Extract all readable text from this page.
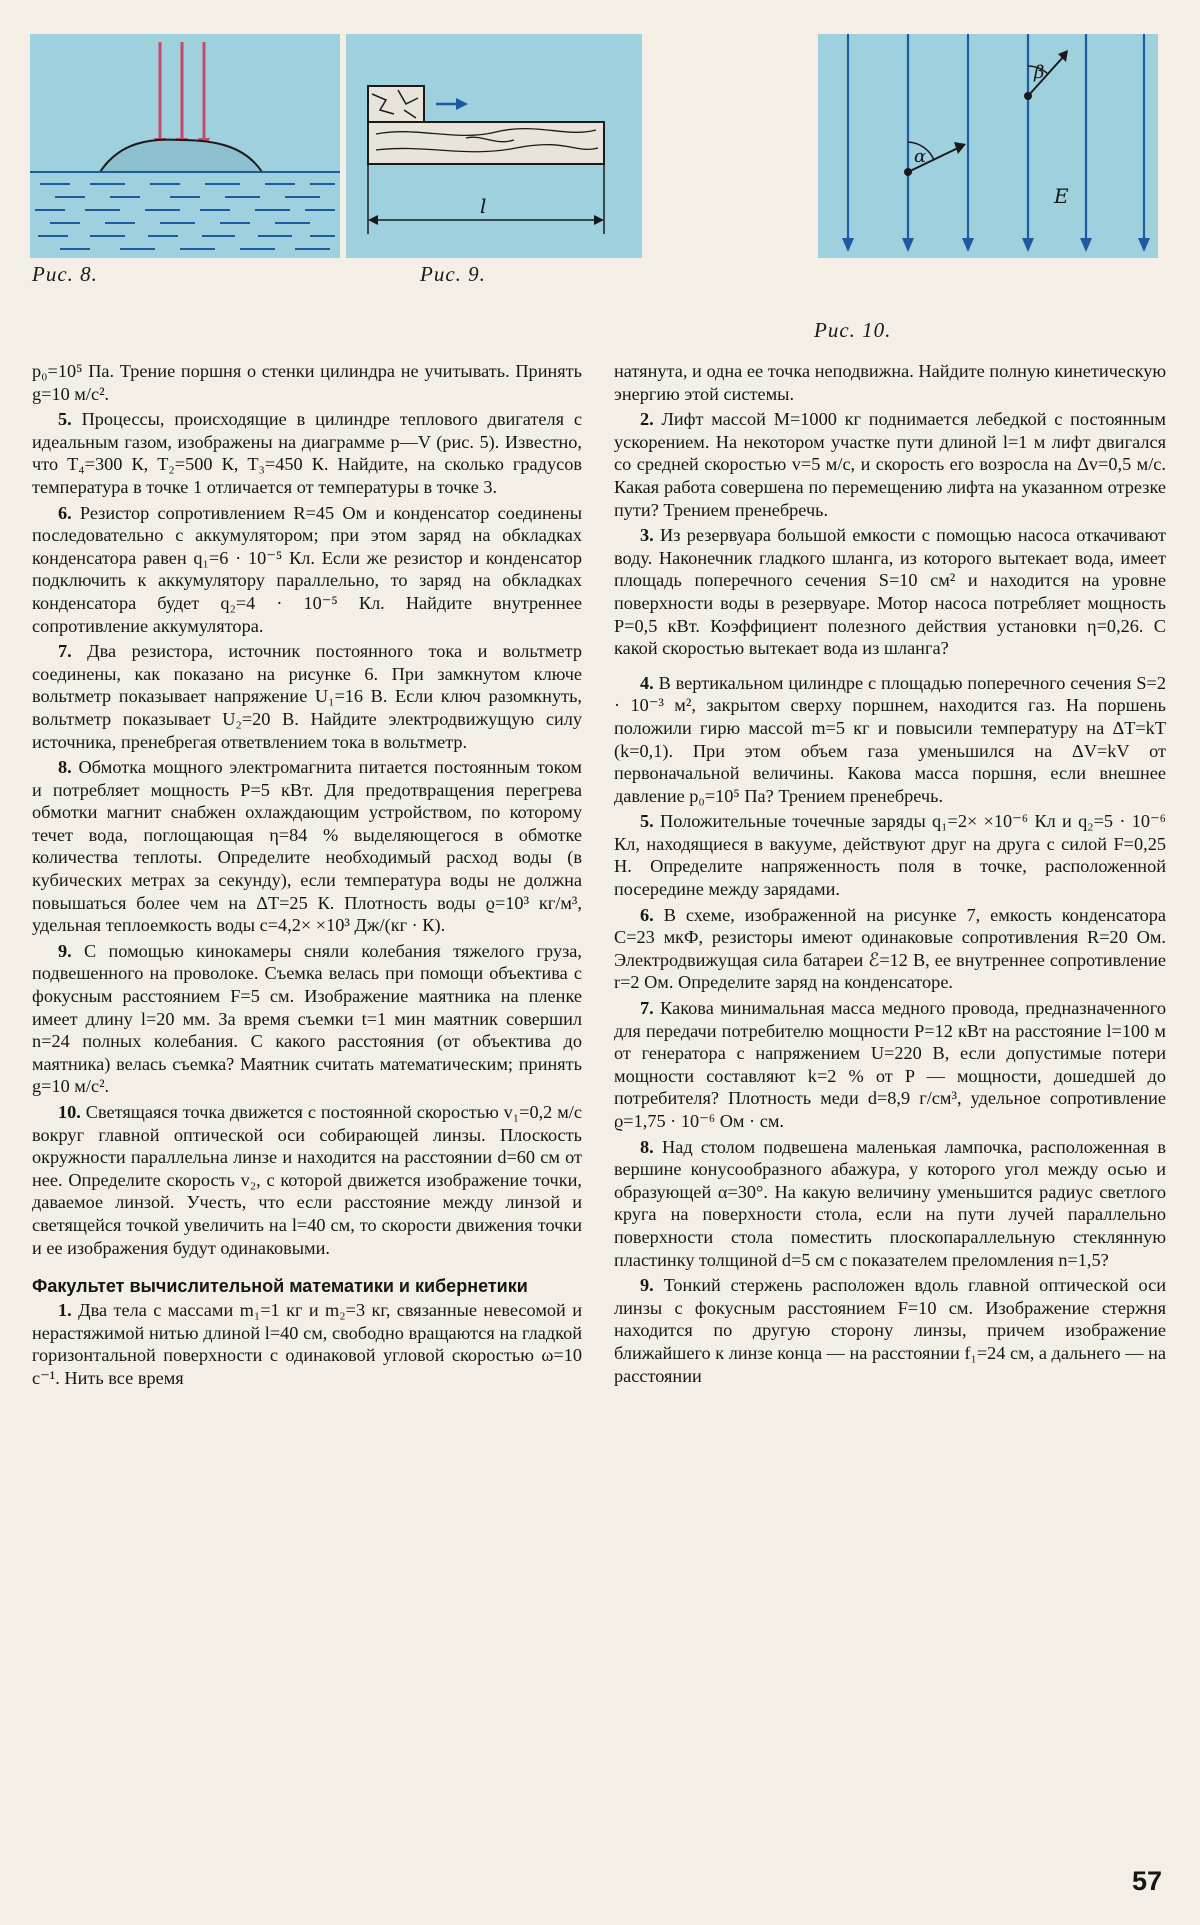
Рис. 8.
l
Рис. 9.
α
β
E
Рис. 10.

p₀=10⁵ Па. Трение поршня о стенки цилиндра не учитывать. Принять g=10 м/с².

5. Процессы, происходящие в цилиндре теплового двигателя с идеальным газом, изображены на диаграмме p—V (рис. 5). Известно, что T₄=300 К, T₂=500 К, T₃=450 К. Найдите, на сколько градусов температура в точке 1 отличается от температуры в точке 3.

6. Резистор сопротивлением R=45 Ом и конденсатор соединены последовательно с аккумулятором; при этом заряд на обкладках конденсатора равен q₁=6 · 10⁻⁵ Кл. Если же резистор и конденсатор подключить к аккумулятору параллельно, то заряд на обкладках конденсатора будет q₂=4 · 10⁻⁵ Кл. Найдите внутреннее сопротивление аккумулятора.

7. Два резистора, источник постоянного тока и вольтметр соединены, как показано на рисунке 6. При замкнутом ключе вольтметр показывает напряжение U₁=16 В. Если ключ разомкнуть, вольтметр показывает U₂=20 В. Найдите электродвижущую силу источника, пренебрегая ответвлением тока в вольтметр.

8. Обмотка мощного электромагнита питается постоянным током и потребляет мощность P=5 кВт. Для предотвращения перегрева обмотки магнит снабжен охлаждающим устройством, по которому течет вода, поглощающая η=84 % выделяющегося в обмотке количества теплоты. Определите необходимый расход воды (в кубических метрах за секунду), если температура воды не должна повышаться более чем на ΔT=25 К. Плотность воды ϱ=10³ кг/м³, удельная теплоемкость воды c=4,2× ×10³ Дж/(кг · К).

9. С помощью кинокамеры сняли колебания тяжелого груза, подвешенного на проволоке. Съемка велась при помощи объектива с фокусным расстоянием F=5 см. Изображение маятника на пленке имеет длину l=20 мм. За время съемки t=1 мин маятник совершил n=24 полных колебания. С какого расстояния (от объектива до маятника) велась съемка? Маятник считать математическим; принять g=10 м/с².

10. Светящаяся точка движется с постоянной скоростью v₁=0,2 м/с вокруг главной оптической оси собирающей линзы. Плоскость окружности параллельна линзе и находится на расстоянии d=60 см от нее. Определите скорость v₂, с которой движется изображение точки, даваемое линзой. Учесть, что если расстояние между линзой и светящейся точкой увеличить на l=40 см, то скорости движения точки и ее изображения будут одинаковыми.

Факультет вычислительной математики и кибернетики

1. Два тела с массами m₁=1 кг и m₂=3 кг, связанные невесомой и нерастяжимой нитью длиной l=40 см, свободно вращаются на гладкой горизонтальной поверхности с одинаковой угловой скоростью ω=10 с⁻¹. Нить все время

натянута, и одна ее точка неподвижна. Найдите полную кинетическую энергию этой системы.

2. Лифт массой M=1000 кг поднимается лебедкой с постоянным ускорением. На некотором участке пути длиной l=1 м лифт двигался со средней скоростью v=5 м/с, и скорость его возросла на Δv=0,5 м/с. Какая работа совершена по перемещению лифта на указанном отрезке пути? Трением пренебречь.

3. Из резервуара большой емкости с помощью насоса откачивают воду. Наконечник гладкого шланга, из которого вытекает вода, имеет площадь поперечного сечения S=10 см² и находится на уровне поверхности воды в резервуаре. Мотор насоса потребляет мощность P=0,5 кВт. Коэффициент полезного действия установки η=0,26. С какой скоростью вытекает вода из шланга?

4. В вертикальном цилиндре с площадью поперечного сечения S=2 · 10⁻³ м², закрытом сверху поршнем, находится газ. На поршень положили гирю массой m=5 кг и повысили температуру на ΔT=kT (k=0,1). При этом объем газа уменьшился на ΔV=kV от первоначальной величины. Какова масса поршня, если внешнее давление p₀=10⁵ Па? Трением пренебречь.

5. Положительные точечные заряды q₁=2× ×10⁻⁶ Кл и q₂=5 · 10⁻⁶ Кл, находящиеся в вакууме, действуют друг на друга с силой F=0,25 Н. Определите напряженность поля в точке, расположенной посередине между зарядами.

6. В схеме, изображенной на рисунке 7, емкость конденсатора C=23 мкФ, резисторы имеют одинаковые сопротивления R=20 Ом. Электродвижущая сила батареи ℰ=12 В, ее внутреннее сопротивление r=2 Ом. Определите заряд на конденсаторе.

7. Какова минимальная масса медного провода, предназначенного для передачи потребителю мощности P=12 кВт на расстояние l=100 м от генератора с напряжением U=220 В, если допустимые потери мощности составляют k=2 % от P — мощности, дошедшей до потребителя? Плотность меди d=8,9 г/см³, удельное сопротивление ϱ=1,75 · 10⁻⁶ Ом · см.

8. Над столом подвешена маленькая лампочка, расположенная в вершине конусообразного абажура, у которого угол между осью и образующей α=30°. На какую величину уменьшится радиус светлого круга на поверхности стола, если на пути лучей параллельно поверхности стола поместить плоскопараллельную стеклянную пластинку толщиной d=5 см с показателем преломления n=1,5?

9. Тонкий стержень расположен вдоль главной оптической оси линзы с фокусным расстоянием F=10 см. Изображение стержня находится по другую сторону линзы, причем изображение ближайшего к линзе конца — на расстоянии f₁=24 см, а дальнего — на расстоянии

57
